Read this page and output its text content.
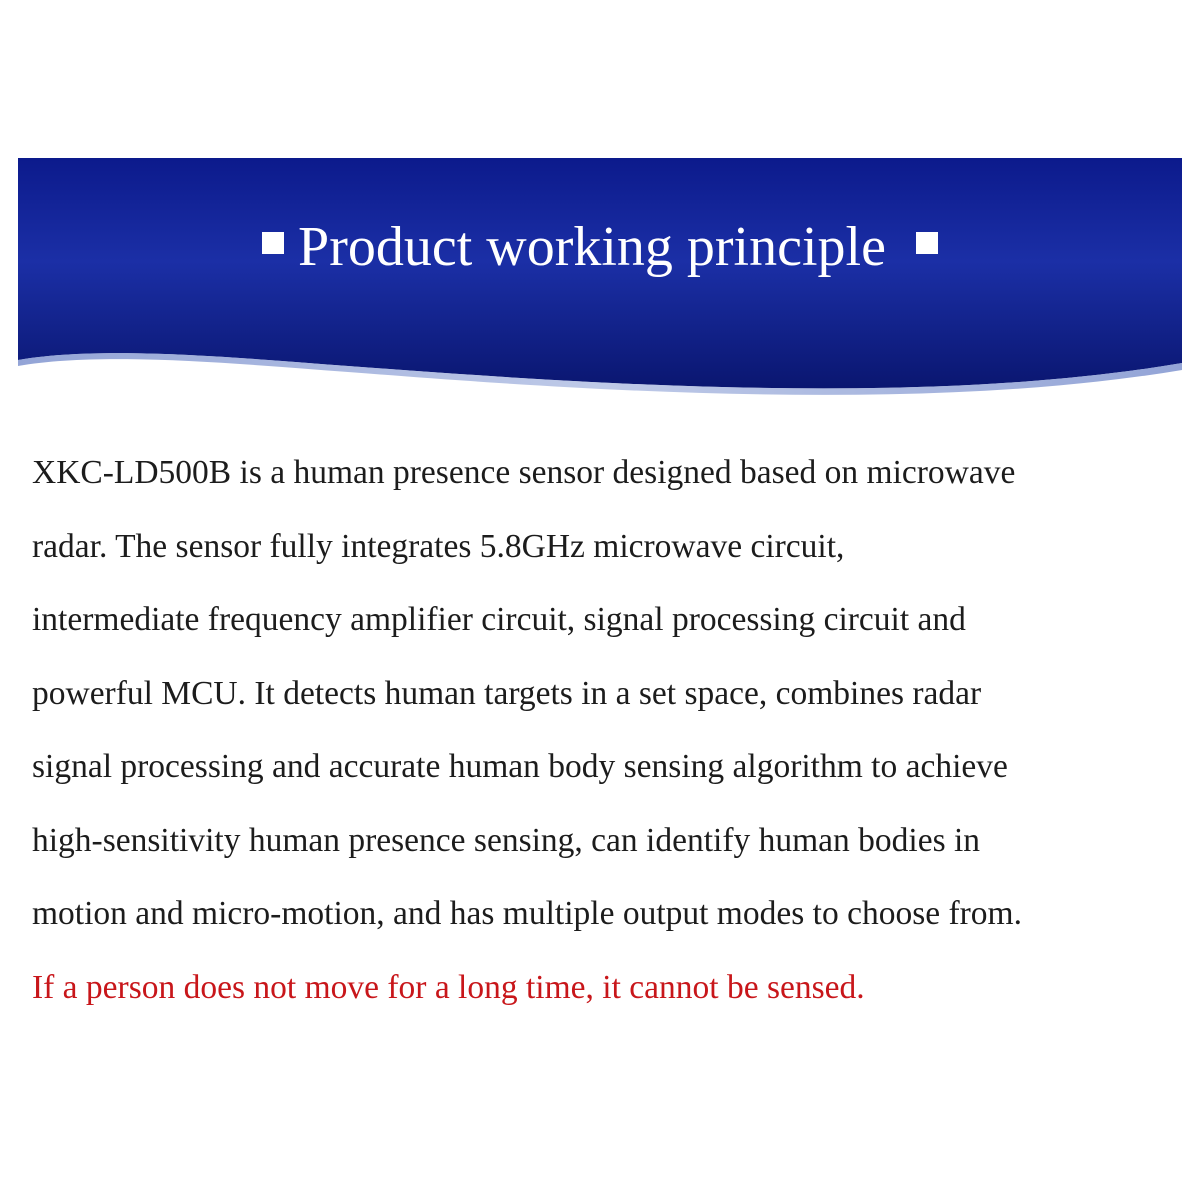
Product working principle
XKC-LD500B is a human presence sensor designed based on microwave
radar. The sensor fully integrates 5.8GHz microwave circuit,
intermediate frequency amplifier circuit, signal processing circuit and
powerful MCU. It detects human targets in a set space, combines radar
signal processing and accurate human body sensing algorithm to achieve
high-sensitivity human presence sensing, can identify human bodies in
motion and micro-motion, and has multiple output modes to choose from.
If a person does not move for a long time, it cannot be sensed.
